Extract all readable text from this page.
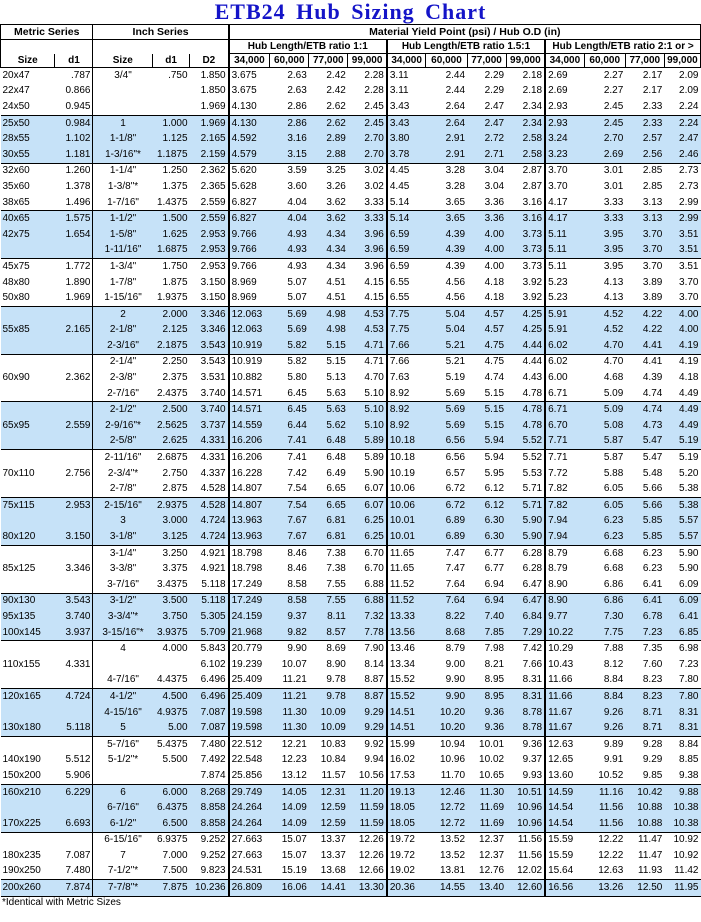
ETB24 Hub Sizing Chart
Metric Series		Inch Series			Material Yield Point (psi) / Hub O.D (in)											
					Hub Length/ETB ratio 1:1				Hub Length/ETB ratio 1.5:1				Hub Length/ETB ratio 2:1 or >			
Size	d1	Size	d1	D2	34,000	60,000	77,000	99,000	34,000	60,000	77,000	99,000	34,000	60,000	77,000	99,000
20x47	.787	3/4"	.750	1.850	3.675	2.63	2.42	2.28	3.11	2.44	2.29	2.18	2.69	2.27	2.17	2.09
22x47	0.866			1.850	3.675	2.63	2.42	2.28	3.11	2.44	2.29	2.18	2.69	2.27	2.17	2.09
24x50	0.945			1.969	4.130	2.86	2.62	2.45	3.43	2.64	2.47	2.34	2.93	2.45	2.33	2.24
25x50	0.984	1	1.000	1.969	4.130	2.86	2.62	2.45	3.43	2.64	2.47	2.34	2.93	2.45	2.33	2.24
28x55	1.102	1-1/8"	1.125	2.165	4.592	3.16	2.89	2.70	3.80	2.91	2.72	2.58	3.24	2.70	2.57	2.47
30x55	1.181	1-3/16"*	1.1875	2.159	4.579	3.15	2.88	2.70	3.78	2.91	2.71	2.58	3.23	2.69	2.56	2.46
32x60	1.260	1-1/4"	1.250	2.362	5.620	3.59	3.25	3.02	4.45	3.28	3.04	2.87	3.70	3.01	2.85	2.73
35x60	1.378	1-3/8"*	1.375	2.365	5.628	3.60	3.26	3.02	4.45	3.28	3.04	2.87	3.70	3.01	2.85	2.73
38x65	1.496	1-7/16"	1.4375	2.559	6.827	4.04	3.62	3.33	5.14	3.65	3.36	3.16	4.17	3.33	3.13	2.99
40x65	1.575	1-1/2"	1.500	2.559	6.827	4.04	3.62	3.33	5.14	3.65	3.36	3.16	4.17	3.33	3.13	2.99
42x75	1.654	1-5/8"	1.625	2.953	9.766	4.93	4.34	3.96	6.59	4.39	4.00	3.73	5.11	3.95	3.70	3.51
		1-11/16"	1.6875	2.953	9.766	4.93	4.34	3.96	6.59	4.39	4.00	3.73	5.11	3.95	3.70	3.51
45x75	1.772	1-3/4"	1.750	2.953	9.766	4.93	4.34	3.96	6.59	4.39	4.00	3.73	5.11	3.95	3.70	3.51
48x80	1.890	1-7/8"	1.875	3.150	8.969	5.07	4.51	4.15	6.55	4.56	4.18	3.92	5.23	4.13	3.89	3.70
50x80	1.969	1-15/16"	1.9375	3.150	8.969	5.07	4.51	4.15	6.55	4.56	4.18	3.92	5.23	4.13	3.89	3.70
		2	2.000	3.346	12.063	5.69	4.98	4.53	7.75	5.04	4.57	4.25	5.91	4.52	4.22	4.00
55x85	2.165	2-1/8"	2.125	3.346	12.063	5.69	4.98	4.53	7.75	5.04	4.57	4.25	5.91	4.52	4.22	4.00
		2-3/16"	2.1875	3.543	10.919	5.82	5.15	4.71	7.66	5.21	4.75	4.44	6.02	4.70	4.41	4.19
		2-1/4"	2.250	3.543	10.919	5.82	5.15	4.71	7.66	5.21	4.75	4.44	6.02	4.70	4.41	4.19
60x90	2.362	2-3/8"	2.375	3.531	10.882	5.80	5.13	4.70	7.63	5.19	4.74	4.43	6.00	4.68	4.39	4.18
		2-7/16"	2.4375	3.740	14.571	6.45	5.63	5.10	8.92	5.69	5.15	4.78	6.71	5.09	4.74	4.49
		2-1/2"	2.500	3.740	14.571	6.45	5.63	5.10	8.92	5.69	5.15	4.78	6.71	5.09	4.74	4.49
65x95	2.559	2-9/16"*	2.5625	3.737	14.559	6.44	5.62	5.10	8.92	5.69	5.15	4.78	6.70	5.08	4.73	4.49
		2-5/8"	2.625	4.331	16.206	7.41	6.48	5.89	10.18	6.56	5.94	5.52	7.71	5.87	5.47	5.19
		2-11/16"	2.6875	4.331	16.206	7.41	6.48	5.89	10.18	6.56	5.94	5.52	7.71	5.87	5.47	5.19
70x110	2.756	2-3/4"*	2.750	4.337	16.228	7.42	6.49	5.90	10.19	6.57	5.95	5.53	7.72	5.88	5.48	5.20
		2-7/8"	2.875	4.528	14.807	7.54	6.65	6.07	10.06	6.72	6.12	5.71	7.82	6.05	5.66	5.38
75x115	2.953	2-15/16"	2.9375	4.528	14.807	7.54	6.65	6.07	10.06	6.72	6.12	5.71	7.82	6.05	5.66	5.38
		3	3.000	4.724	13.963	7.67	6.81	6.25	10.01	6.89	6.30	5.90	7.94	6.23	5.85	5.57
80x120	3.150	3-1/8"	3.125	4.724	13.963	7.67	6.81	6.25	10.01	6.89	6.30	5.90	7.94	6.23	5.85	5.57
		3-1/4"	3.250	4.921	18.798	8.46	7.38	6.70	11.65	7.47	6.77	6.28	8.79	6.68	6.23	5.90
85x125	3.346	3-3/8"	3.375	4.921	18.798	8.46	7.38	6.70	11.65	7.47	6.77	6.28	8.79	6.68	6.23	5.90
		3-7/16"	3.4375	5.118	17.249	8.58	7.55	6.88	11.52	7.64	6.94	6.47	8.90	6.86	6.41	6.09
90x130	3.543	3-1/2"	3.500	5.118	17.249	8.58	7.55	6.88	11.52	7.64	6.94	6.47	8.90	6.86	6.41	6.09
95x135	3.740	3-3/4"*	3.750	5.305	24.159	9.37	8.11	7.32	13.33	8.22	7.40	6.84	9.77	7.30	6.78	6.41
100x145	3.937	3-15/16"*	3.9375	5.709	21.968	9.82	8.57	7.78	13.56	8.68	7.85	7.29	10.22	7.75	7.23	6.85
		4	4.000	5.843	20.779	9.90	8.69	7.90	13.46	8.79	7.98	7.42	10.29	7.88	7.35	6.98
110x155	4.331			6.102	19.239	10.07	8.90	8.14	13.34	9.00	8.21	7.66	10.43	8.12	7.60	7.23
		4-7/16"	4.4375	6.496	25.409	11.21	9.78	8.87	15.52	9.90	8.95	8.31	11.66	8.84	8.23	7.80
120x165	4.724	4-1/2"	4.500	6.496	25.409	11.21	9.78	8.87	15.52	9.90	8.95	8.31	11.66	8.84	8.23	7.80
		4-15/16"	4.9375	7.087	19.598	11.30	10.09	9.29	14.51	10.20	9.36	8.78	11.67	9.26	8.71	8.31
130x180	5.118	5	5.00	7.087	19.598	11.30	10.09	9.29	14.51	10.20	9.36	8.78	11.67	9.26	8.71	8.31
		5-7/16"	5.4375	7.480	22.512	12.21	10.83	9.92	15.99	10.94	10.01	9.36	12.63	9.89	9.28	8.84
140x190	5.512	5-1/2"*	5.500	7.492	22.548	12.23	10.84	9.94	16.02	10.96	10.02	9.37	12.65	9.91	9.29	8.85
150x200	5.906			7.874	25.856	13.12	11.57	10.56	17.53	11.70	10.65	9.93	13.60	10.52	9.85	9.38
160x210	6.229	6	6.000	8.268	29.749	14.05	12.31	11.20	19.13	12.46	11.30	10.51	14.59	11.16	10.42	9.88
		6-7/16"	6.4375	8.858	24.264	14.09	12.59	11.59	18.05	12.72	11.69	10.96	14.54	11.56	10.88	10.38
170x225	6.693	6-1/2"	6.500	8.858	24.264	14.09	12.59	11.59	18.05	12.72	11.69	10.96	14.54	11.56	10.88	10.38
		6-15/16"	6.9375	9.252	27.663	15.07	13.37	12.26	19.72	13.52	12.37	11.56	15.59	12.22	11.47	10.92
180x235	7.087	7	7.000	9.252	27.663	15.07	13.37	12.26	19.72	13.52	12.37	11.56	15.59	12.22	11.47	10.92
190x250	7.480	7-1/2"*	7.500	9.823	24.531	15.19	13.68	12.66	19.02	13.81	12.76	12.02	15.64	12.63	11.93	11.42
200x260	7.874	7-7/8"*	7.875	10.236	26.809	16.06	14.41	13.30	20.36	14.55	13.40	12.60	16.56	13.26	12.50	11.95
*Identical with Metric Sizes
